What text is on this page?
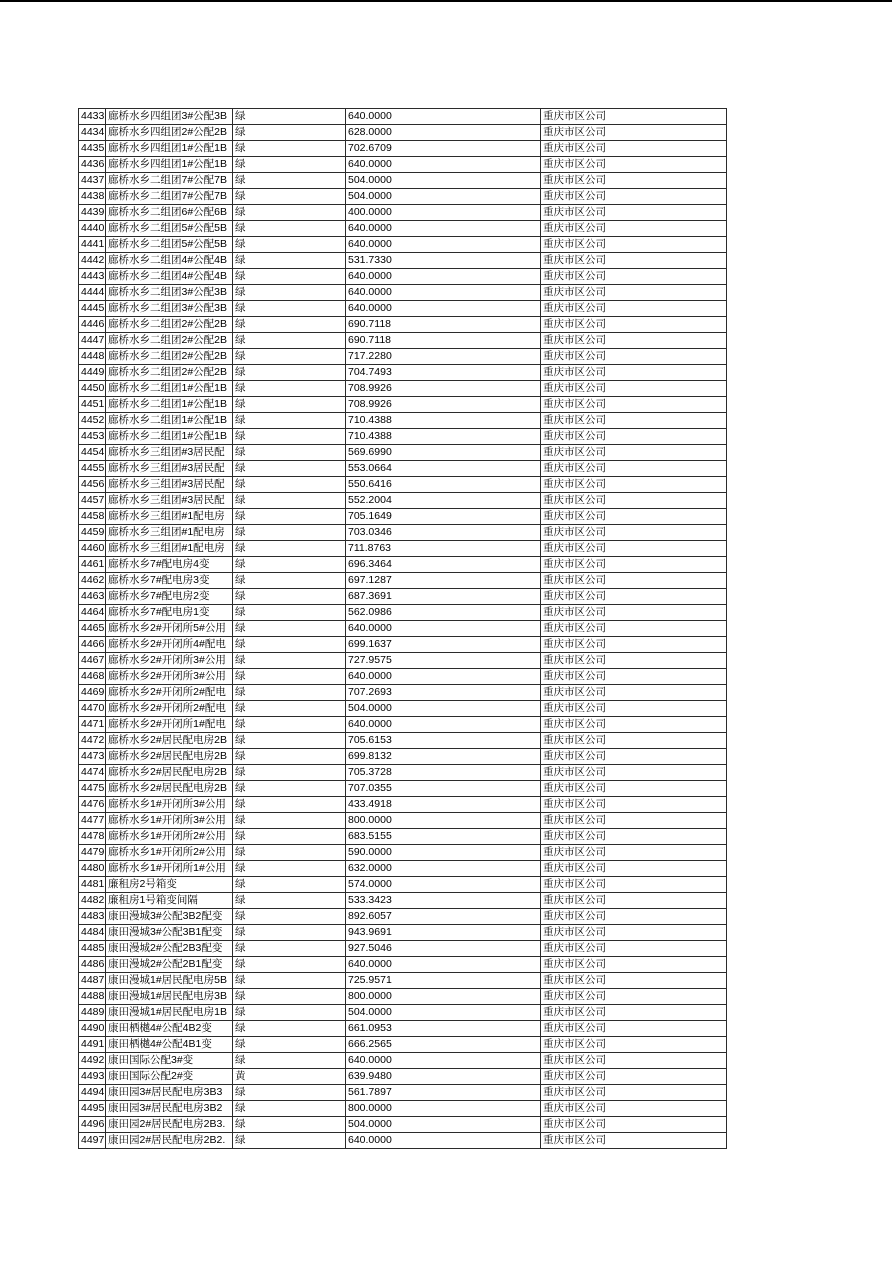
4433	廊桥水乡四组团3#公配3B	绿	640.0000	重庆市区公司
4434	廊桥水乡四组团2#公配2B	绿	628.0000	重庆市区公司
4435	廊桥水乡四组团1#公配1B	绿	702.6709	重庆市区公司
4436	廊桥水乡四组团1#公配1B	绿	640.0000	重庆市区公司
4437	廊桥水乡二组团7#公配7B	绿	504.0000	重庆市区公司
4438	廊桥水乡二组团7#公配7B	绿	504.0000	重庆市区公司
4439	廊桥水乡二组团6#公配6B	绿	400.0000	重庆市区公司
4440	廊桥水乡二组团5#公配5B	绿	640.0000	重庆市区公司
4441	廊桥水乡二组团5#公配5B	绿	640.0000	重庆市区公司
4442	廊桥水乡二组团4#公配4B	绿	531.7330	重庆市区公司
4443	廊桥水乡二组团4#公配4B	绿	640.0000	重庆市区公司
4444	廊桥水乡二组团3#公配3B	绿	640.0000	重庆市区公司
4445	廊桥水乡二组团3#公配3B	绿	640.0000	重庆市区公司
4446	廊桥水乡二组团2#公配2B	绿	690.7118	重庆市区公司
4447	廊桥水乡二组团2#公配2B	绿	690.7118	重庆市区公司
4448	廊桥水乡二组团2#公配2B	绿	717.2280	重庆市区公司
4449	廊桥水乡二组团2#公配2B	绿	704.7493	重庆市区公司
4450	廊桥水乡二组团1#公配1B	绿	708.9926	重庆市区公司
4451	廊桥水乡二组团1#公配1B	绿	708.9926	重庆市区公司
4452	廊桥水乡二组团1#公配1B	绿	710.4388	重庆市区公司
4453	廊桥水乡二组团1#公配1B	绿	710.4388	重庆市区公司
4454	廊桥水乡三组团#3居民配	绿	569.6990	重庆市区公司
4455	廊桥水乡三组团#3居民配	绿	553.0664	重庆市区公司
4456	廊桥水乡三组团#3居民配	绿	550.6416	重庆市区公司
4457	廊桥水乡三组团#3居民配	绿	552.2004	重庆市区公司
4458	廊桥水乡三组团#1配电房	绿	705.1649	重庆市区公司
4459	廊桥水乡三组团#1配电房	绿	703.0346	重庆市区公司
4460	廊桥水乡三组团#1配电房	绿	711.8763	重庆市区公司
4461	廊桥水乡7#配电房4变	绿	696.3464	重庆市区公司
4462	廊桥水乡7#配电房3变	绿	697.1287	重庆市区公司
4463	廊桥水乡7#配电房2变	绿	687.3691	重庆市区公司
4464	廊桥水乡7#配电房1变	绿	562.0986	重庆市区公司
4465	廊桥水乡2#开闭所5#公用	绿	640.0000	重庆市区公司
4466	廊桥水乡2#开闭所4#配电	绿	699.1637	重庆市区公司
4467	廊桥水乡2#开闭所3#公用	绿	727.9575	重庆市区公司
4468	廊桥水乡2#开闭所3#公用	绿	640.0000	重庆市区公司
4469	廊桥水乡2#开闭所2#配电	绿	707.2693	重庆市区公司
4470	廊桥水乡2#开闭所2#配电	绿	504.0000	重庆市区公司
4471	廊桥水乡2#开闭所1#配电	绿	640.0000	重庆市区公司
4472	廊桥水乡2#居民配电房2B	绿	705.6153	重庆市区公司
4473	廊桥水乡2#居民配电房2B	绿	699.8132	重庆市区公司
4474	廊桥水乡2#居民配电房2B	绿	705.3728	重庆市区公司
4475	廊桥水乡2#居民配电房2B	绿	707.0355	重庆市区公司
4476	廊桥水乡1#开闭所3#公用	绿	433.4918	重庆市区公司
4477	廊桥水乡1#开闭所3#公用	绿	800.0000	重庆市区公司
4478	廊桥水乡1#开闭所2#公用	绿	683.5155	重庆市区公司
4479	廊桥水乡1#开闭所2#公用	绿	590.0000	重庆市区公司
4480	廊桥水乡1#开闭所1#公用	绿	632.0000	重庆市区公司
4481	廉租房2号箱变	绿	574.0000	重庆市区公司
4482	廉租房1号箱变间隔	绿	533.3423	重庆市区公司
4483	康田漫城3#公配3B2配变	绿	892.6057	重庆市区公司
4484	康田漫城3#公配3B1配变	绿	943.9691	重庆市区公司
4485	康田漫城2#公配2B3配变	绿	927.5046	重庆市区公司
4486	康田漫城2#公配2B1配变	绿	640.0000	重庆市区公司
4487	康田漫城1#居民配电房5B	绿	725.9571	重庆市区公司
4488	康田漫城1#居民配电房3B	绿	800.0000	重庆市区公司
4489	康田漫城1#居民配电房1B	绿	504.0000	重庆市区公司
4490	康田栖樾4#公配4B2变	绿	661.0953	重庆市区公司
4491	康田栖樾4#公配4B1变	绿	666.2565	重庆市区公司
4492	康田国际公配3#变	绿	640.0000	重庆市区公司
4493	康田国际公配2#变	黄	639.9480	重庆市区公司
4494	康田园3#居民配电房3B3	绿	561.7897	重庆市区公司
4495	康田园3#居民配电房3B2	绿	800.0000	重庆市区公司
4496	康田园2#居民配电房2B3.	绿	504.0000	重庆市区公司
4497	康田园2#居民配电房2B2.	绿	640.0000	重庆市区公司
